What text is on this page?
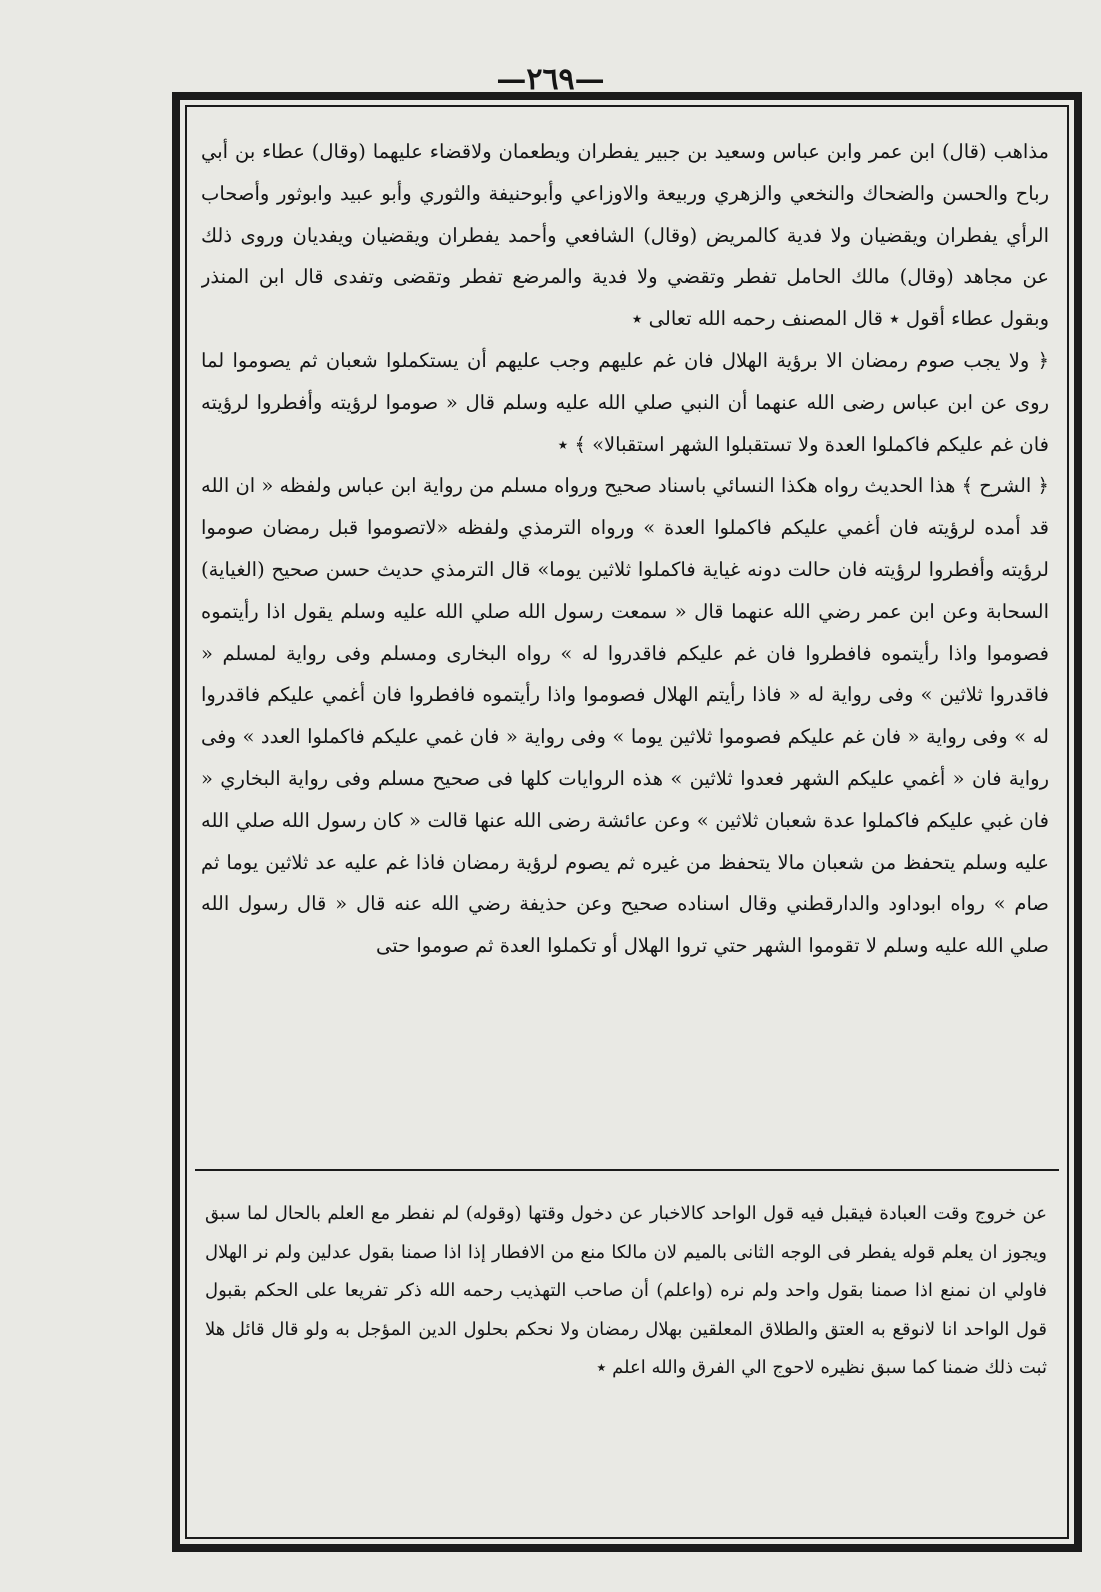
—٢٦٩—

مذاهب (قال) ابن عمر وابن عباس وسعيد بن جبير يفطران ويطعمان ولاقضاء عليهما (وقال) عطاء بن أبي رباح والحسن والضحاك والنخعي والزهري وربيعة والاوزاعي وأبوحنيفة والثوري وأبو عبيد وابوثور وأصحاب الرأي يفطران ويقضيان ولا فدية كالمريض (وقال) الشافعي وأحمد يفطران ويقضيان ويفديان وروى ذلك عن مجاهد (وقال) مالك الحامل تفطر وتقضي ولا فدية والمرضع تفطر وتقضى وتفدى قال ابن المنذر وبقول عطاء أقول ٭ قال المصنف رحمه الله تعالى ٭

﴿ ولا يجب صوم رمضان الا برؤية الهلال فان غم عليهم وجب عليهم أن يستكملوا شعبان ثم يصوموا لما روى عن ابن عباس رضى الله عنهما أن النبي صلي الله عليه وسلم قال « صوموا لرؤيته وأفطروا لرؤيته فان غم عليكم فاكملوا العدة ولا تستقبلوا الشهر استقبالا» ﴾ ٭

﴿ الشرح ﴾ هذا الحديث رواه هكذا النسائي باسناد صحيح ورواه مسلم من رواية ابن عباس ولفظه « ان الله قد أمده لرؤيته فان أغمي عليكم فاكملوا العدة » ورواه الترمذي ولفظه «لاتصوموا قبل رمضان صوموا لرؤيته وأفطروا لرؤيته فان حالت دونه غياية فاكملوا ثلاثين يوما» قال الترمذي حديث حسن صحيح (الغياية) السحابة وعن ابن عمر رضي الله عنهما قال « سمعت رسول الله صلي الله عليه وسلم يقول اذا رأيتموه فصوموا واذا رأيتموه فافطروا فان غم عليكم فاقدروا له » رواه البخارى ومسلم وفى رواية لمسلم « فاقدروا ثلاثين » وفى رواية له « فاذا رأيتم الهلال فصوموا واذا رأيتموه فافطروا فان أغمي عليكم فاقدروا له » وفى رواية « فان غم عليكم فصوموا ثلاثين يوما » وفى رواية « فان غمي عليكم فاكملوا العدد » وفى رواية فان « أغمي عليكم الشهر فعدوا ثلاثين » هذه الروايات كلها فى صحيح مسلم وفى رواية البخاري « فان غبي عليكم فاكملوا عدة شعبان ثلاثين » وعن عائشة رضى الله عنها قالت « كان رسول الله صلي الله عليه وسلم يتحفظ من شعبان مالا يتحفظ من غيره ثم يصوم لرؤية رمضان فاذا غم عليه عد ثلاثين يوما ثم صام » رواه ابوداود والدارقطني وقال اسناده صحيح وعن حذيفة رضي الله عنه قال « قال رسول الله صلي الله عليه وسلم لا تقوموا الشهر حتي تروا الهلال أو تكملوا العدة ثم صوموا حتى

عن خروج وقت العبادة فيقبل فيه قول الواحد كالاخبار عن دخول وقتها (وقوله) لم نفطر مع العلم بالحال لما سبق ويجوز ان يعلم قوله يفطر فى الوجه الثانى بالميم لان مالكا منع من الافطار إذا اذا صمنا بقول عدلين ولم نر الهلال فاولي ان نمنع اذا صمنا بقول واحد ولم نره (واعلم) أن صاحب التهذيب رحمه الله ذكر تفريعا على الحكم بقبول قول الواحد انا لانوقع به العتق والطلاق المعلقين بهلال رمضان ولا نحكم بحلول الدين المؤجل به ولو قال قائل هلا ثبت ذلك ضمنا كما سبق نظيره لاحوج الي الفرق والله اعلم ٭
